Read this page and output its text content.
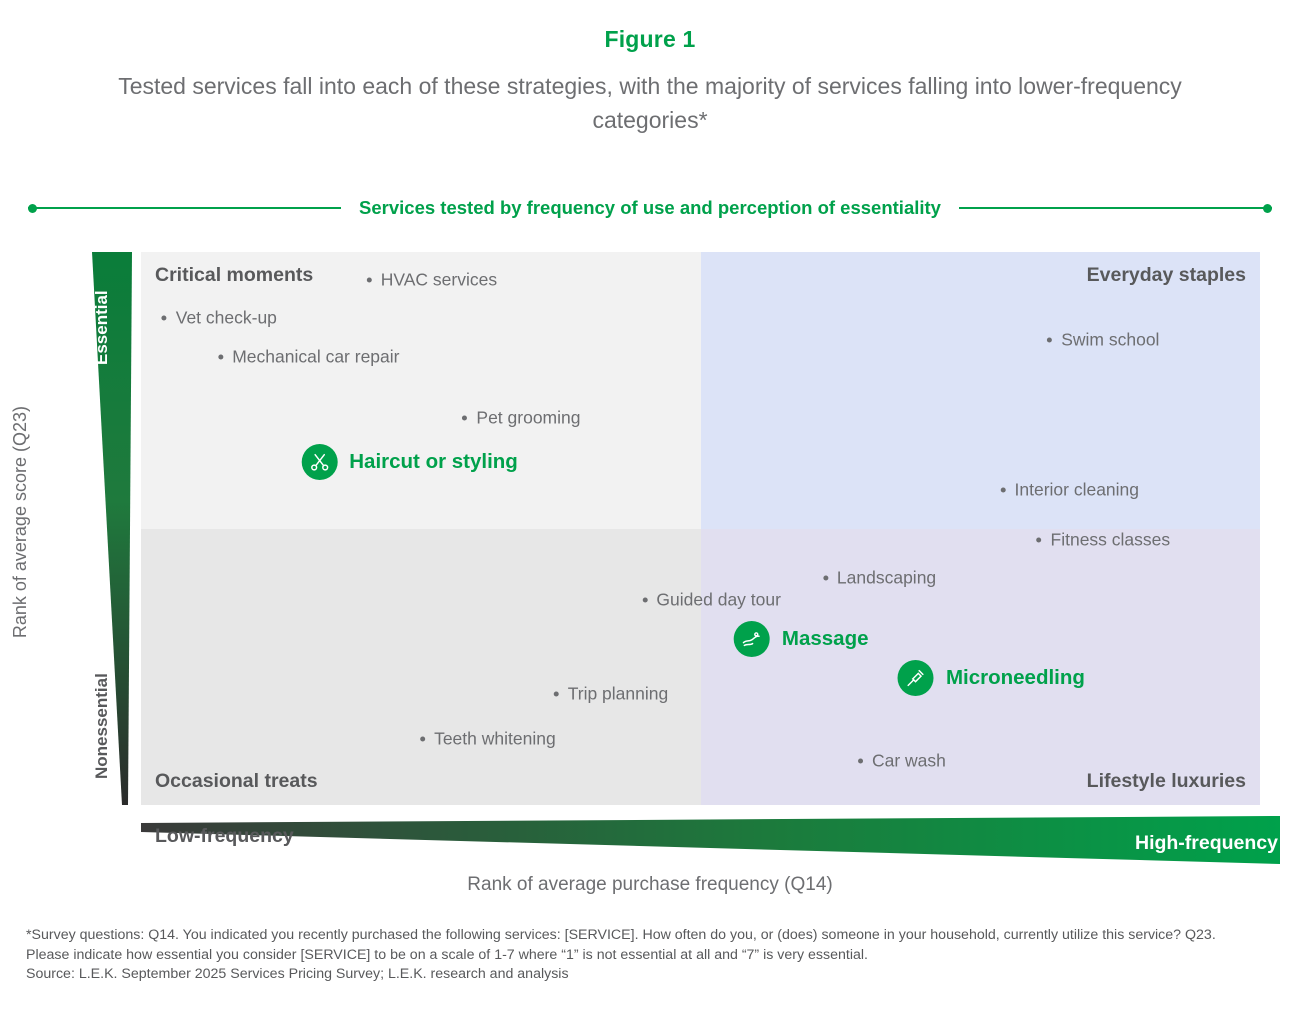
Figure 1
Tested services fall into each of these strategies, with the majority of services falling into lower-frequency categories*
Services tested by frequency of use and perception of essentiality
Rank of average score (Q23)
Essential
Nonessential
Critical moments	Everyday staples
Occasional treats	Lifestyle luxuries
HVAC services
Vet check-up
Mechanical car repair
Pet grooming
Haircut or styling
Swim school
Interior cleaning
Fitness classes
Landscaping
Guided day tour
Massage
Microneedling
Trip planning
Teeth whitening
Car wash
Low-frequency	High-frequency
Rank of average purchase frequency (Q14)
*Survey questions: Q14. You indicated you recently purchased the following services: [SERVICE]. How often do you, or (does) someone in your household, currently utilize this service? Q23. Please indicate how essential you consider [SERVICE] to be on a scale of 1-7 where “1” is not essential at all and “7” is very essential.
Source: L.E.K. September 2025 Services Pricing Survey; L.E.K. research and analysis
